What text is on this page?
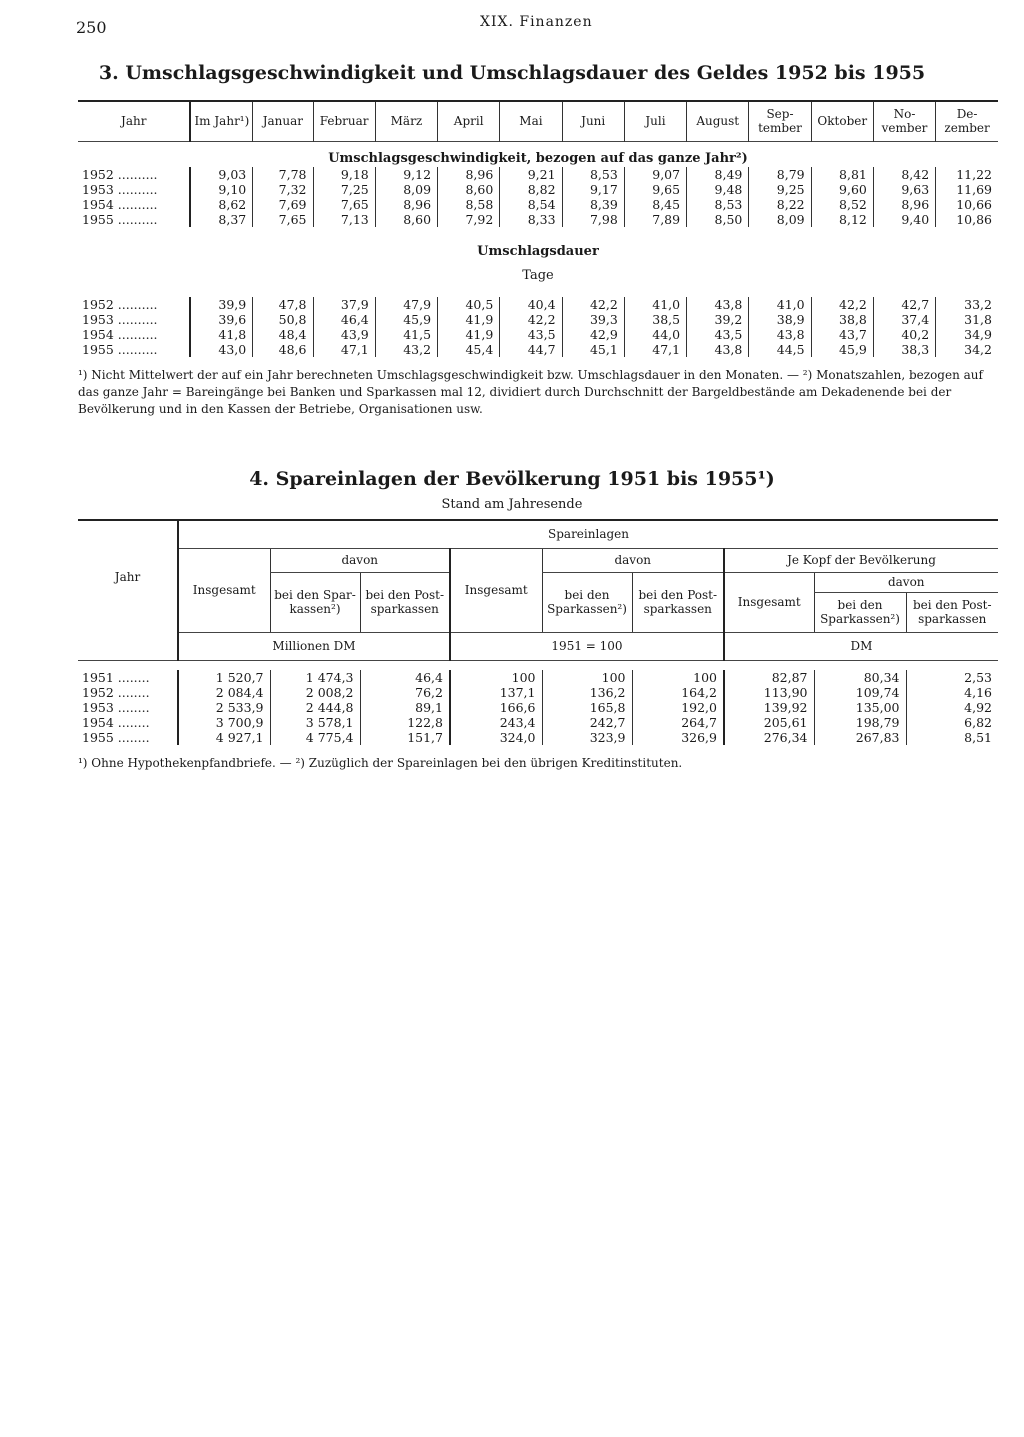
250	XIX. Finanzen
3. Umschlagsgeschwindigkeit und Umschlagsdauer des Geldes 1952 bis 1955
Jahr	Im Jahr¹)	Januar	Februar	März	April	Mai	Juni	Juli	August	Sep- tember	Oktober	No- vember	De- zember
Umschlagsgeschwindigkeit, bezogen auf das ganze Jahr²)													
1952 ..........	9,03	7,78	9,18	9,12	8,96	9,21	8,53	9,07	8,49	8,79	8,81	8,42	11,22
1953 ..........	9,10	7,32	7,25	8,09	8,60	8,82	9,17	9,65	9,48	9,25	9,60	9,63	11,69
1954 ..........	8,62	7,69	7,65	8,96	8,58	8,54	8,39	8,45	8,53	8,22	8,52	8,96	10,66
1955 ..........	8,37	7,65	7,13	8,60	7,92	8,33	7,98	7,89	8,50	8,09	8,12	9,40	10,86
Umschlagsdauer													
Tage													

1952 ..........	39,9	47,8	37,9	47,9	40,5	40,4	42,2	41,0	43,8	41,0	42,2	42,7	33,2
1953 ..........	39,6	50,8	46,4	45,9	41,9	42,2	39,3	38,5	39,2	38,9	38,8	37,4	31,8
1954 ..........	41,8	48,4	43,9	41,5	41,9	43,5	42,9	44,0	43,5	43,8	43,7	40,2	34,9
1955 ..........	43,0	48,6	47,1	43,2	45,4	44,7	45,1	47,1	43,8	44,5	45,9	38,3	34,2
¹) Nicht Mittelwert der auf ein Jahr berechneten Umschlagsgeschwindigkeit bzw. Umschlagsdauer in den Monaten. — ²) Monatszahlen, bezogen auf das ganze Jahr = Bareingänge bei Banken und Sparkassen mal 12, dividiert durch Durchschnitt der Bargeldbestände am Dekadenende bei der Bevölkerung und in den Kassen der Betriebe, Organisationen usw.
4. Spareinlagen der Bevölkerung 1951 bis 1955¹)
Stand am Jahresende
Jahr	Spareinlagen								
	Insgesamt	davon		Insgesamt	davon		Je Kopf der Bevölkerung		
		bei den Spar- kassen²)	bei den Post- sparkassen		bei den Sparkassen²)	bei den Post- sparkassen	Insgesamt	davon	
								bei den Sparkassen²)	bei den Post- sparkassen
	Millionen DM			1951 = 100			DM		

1951 ........	1 520,7	1 474,3	46,4	100	100	100	82,87	80,34	2,53
1952 ........	2 084,4	2 008,2	76,2	137,1	136,2	164,2	113,90	109,74	4,16
1953 ........	2 533,9	2 444,8	89,1	166,6	165,8	192,0	139,92	135,00	4,92
1954 ........	3 700,9	3 578,1	122,8	243,4	242,7	264,7	205,61	198,79	6,82
1955 ........	4 927,1	4 775,4	151,7	324,0	323,9	326,9	276,34	267,83	8,51
¹) Ohne Hypothekenpfandbriefe. — ²) Zuzüglich der Spareinlagen bei den übrigen Kreditinstituten.
